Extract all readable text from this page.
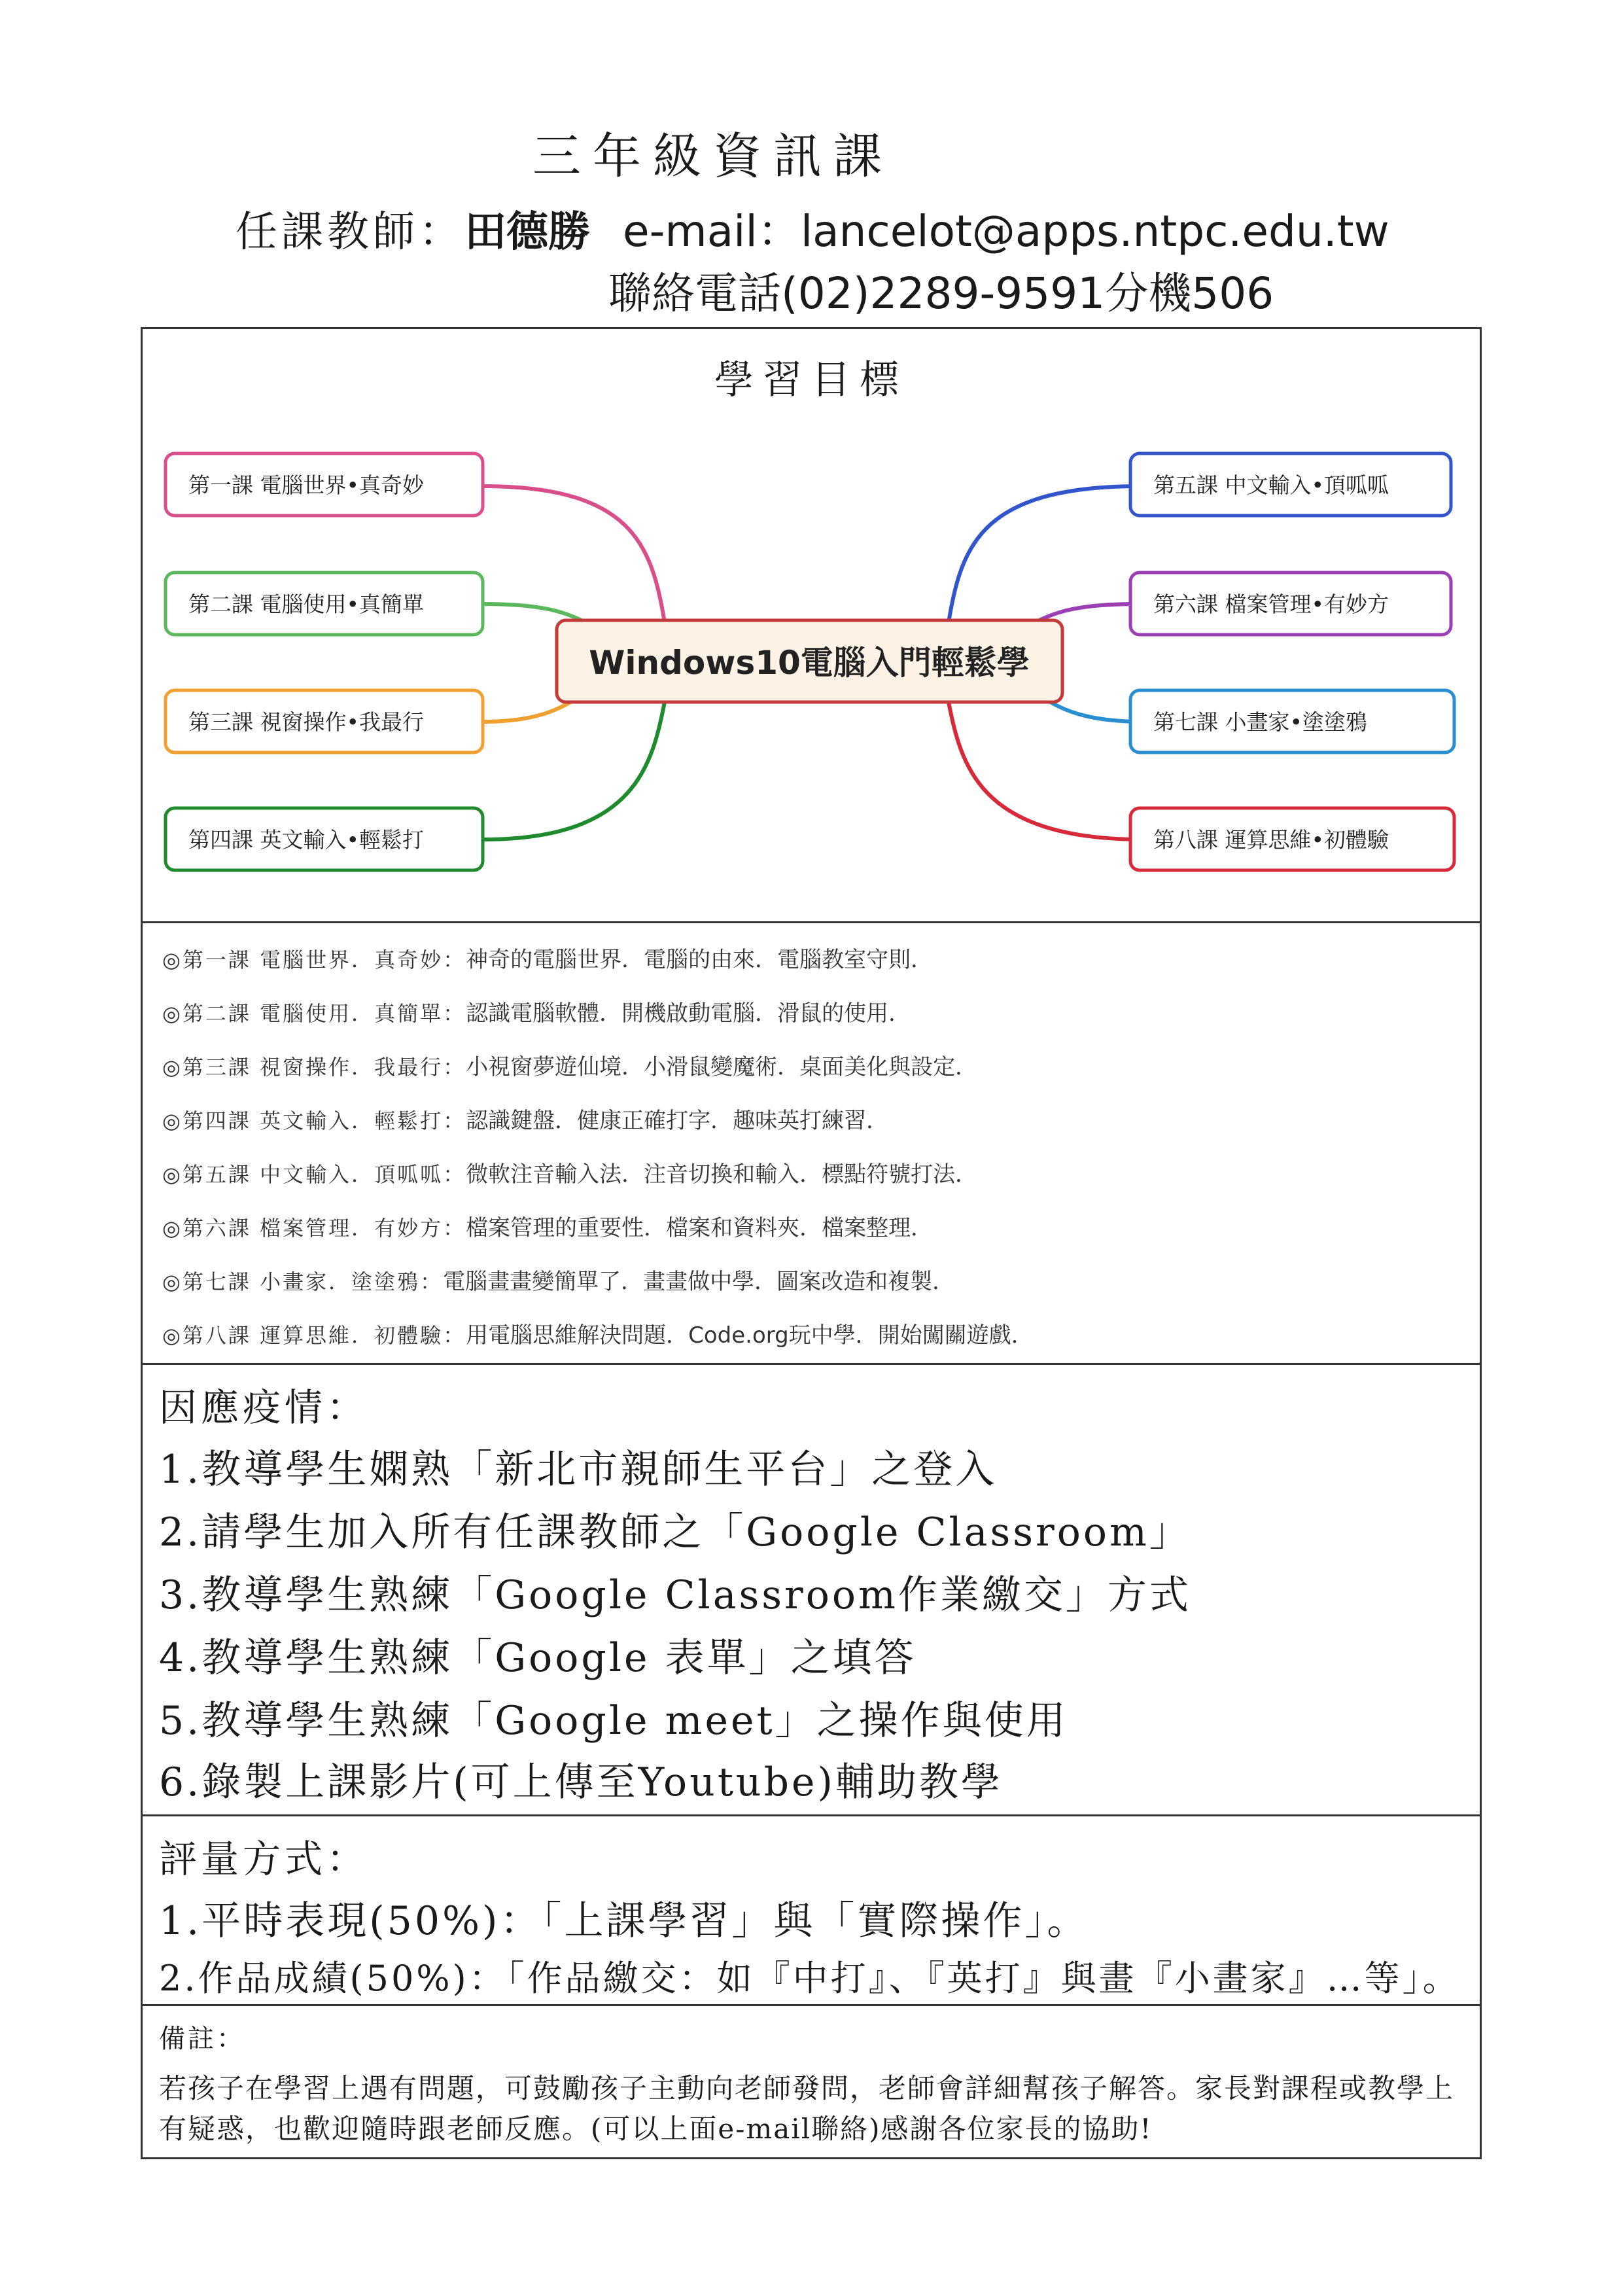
三年級資訊課
任課教師：田德勝 e-mail：lancelot@apps.ntpc.edu.tw
聯絡電話(02)2289-9591分機506
學習目標
Windows10電腦入門輕鬆學
第一課 電腦世界•真奇妙
第二課 電腦使用•真簡單
第三課 視窗操作•我最行
第四課 英文輸入•輕鬆打
第五課 中文輸入•頂呱呱
第六課 檔案管理•有妙方
第七課 小畫家•塗塗鴉
第八課 運算思維•初體驗
◎第一課 電腦世界．真奇妙：神奇的電腦世界．電腦的由來．電腦教室守則．
◎第二課 電腦使用．真簡單：認識電腦軟體．開機啟動電腦．滑鼠的使用．
◎第三課 視窗操作．我最行：小視窗夢遊仙境．小滑鼠變魔術．桌面美化與設定．
◎第四課 英文輸入．輕鬆打：認識鍵盤．健康正確打字．趣味英打練習．
◎第五課 中文輸入．頂呱呱：微軟注音輸入法．注音切換和輸入．標點符號打法．
◎第六課 檔案管理．有妙方：檔案管理的重要性．檔案和資料夾．檔案整理．
◎第七課 小畫家．塗塗鴉：電腦畫畫變簡單了．畫畫做中學．圖案改造和複製．
◎第八課 運算思維．初體驗：用電腦思維解決問題．Code.org玩中學．開始闖關遊戲．
因應疫情：
1.教導學生嫻熟「新北市親師生平台」之登入
2.請學生加入所有任課教師之「Google Classroom」
3.教導學生熟練「Google Classroom作業繳交」方式
4.教導學生熟練「Google 表單」之填答
5.教導學生熟練「Google meet」之操作與使用
6.錄製上課影片(可上傳至Youtube)輔助教學
評量方式：
1.平時表現(50%)：「上課學習」與「實際操作」。
2.作品成績(50%)：「作品繳交：如『中打』、『英打』與畫『小畫家』…等」。
備註：
若孩子在學習上遇有問題，可鼓勵孩子主動向老師發問，老師會詳細幫孩子解答。家長對課程或教學上有疑惑，也歡迎隨時跟老師反應。(可以上面e-mail聯絡)感謝各位家長的協助!
